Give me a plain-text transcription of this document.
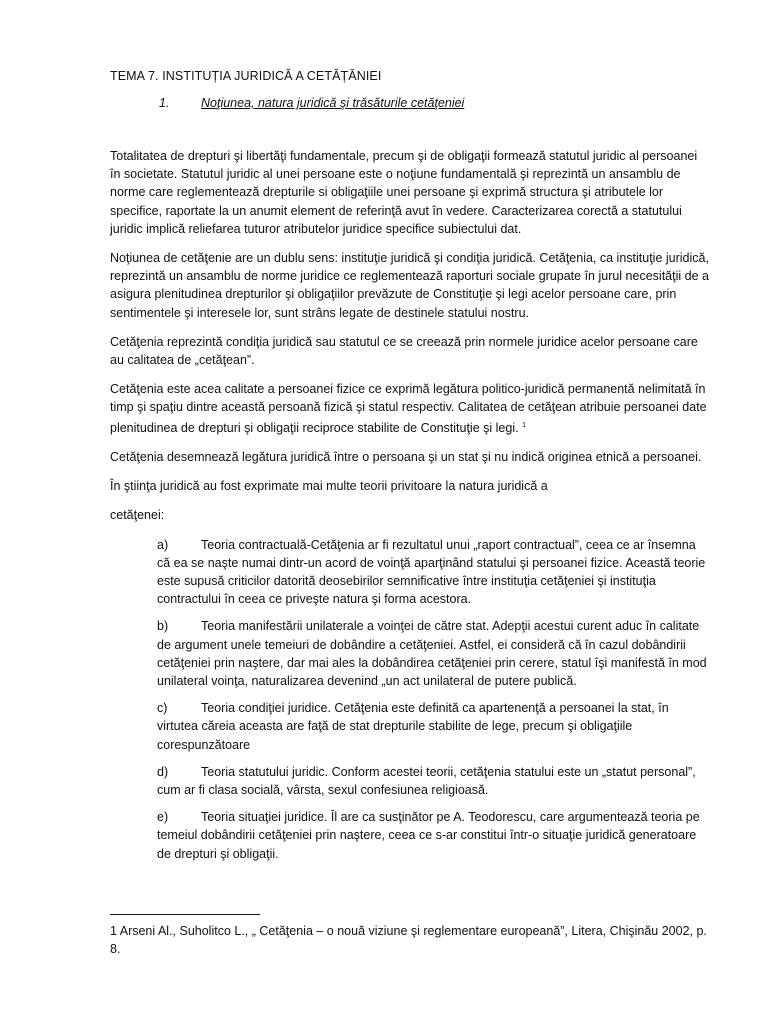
TEMA 7. INSTITUȚIA JURIDICĂ A CETĂȚĂNIEI
1.	Noţiunea, natura juridică şi trăsăturile cetăţeniei

Totalitatea de drepturi şi libertăţi fundamentale, precum şi de obligaţii formează statutul juridic al persoanei în societate. Statutul juridic al unei persoane este o noţiune fundamentală şi reprezintă un ansamblu de norme care reglementează drepturile si obligaţiile unei persoane şi exprimă structura şi atributele lor specifice, raportate la un anumit element de referinţă avut în vedere. Caracterizarea corectă a statutului juridic implică reliefarea tuturor atributelor juridice specifice subiectului dat.

Noţiunea de cetăţenie are un dublu sens: instituţie juridică şi condiţia juridică. Cetăţenia, ca instituţie juridică, reprezintă un ansamblu de norme juridice ce reglementează raporturi sociale grupate în jurul necesităţii de a asigura plenitudinea drepturilor şi obligaţiilor prevăzute de Constituţie şi legi acelor persoane care, prin sentimentele şi interesele lor, sunt strâns legate de destinele statului nostru.

Cetăţenia reprezintă condiţia juridică sau statutul ce se creează prin normele juridice acelor persoane care au calitatea de „cetăţean”.

Cetăţenia este acea calitate a persoanei fizice ce exprimă legătura politico-juridică permanentă nelimitată în timp şi spaţiu dintre această persoană fizică şi statul respectiv. Calitatea de cetăţean atribuie persoanei date plenitudinea de drepturi şi obligaţii reciproce stabilite de Constituţie şi legi. $^1$

Cetăţenia desemnează legătura juridică între o persoana şi un stat şi nu indică originea etnică a persoanei.

În ştiinţa juridică au fost exprimate mai multe teorii privitoare la natura juridică a

cetăţenei:

a)	Teoria contractuală-Cetăţenia ar fi rezultatul unui „raport contractual”, ceea ce ar însemna că ea se naşte numai dintr-un acord de voinţă aparţinând statului şi persoanei fizice. Această teorie este supusă criticilor datorită deosebirilor semnificative între instituţia cetăţeniei şi instituţia contractului în ceea ce priveşte natura şi forma acestora.

b)	Teoria manifestării unilaterale a voinţei de către stat. Adepţii acestui curent aduc în calitate de argument unele temeiuri de dobândire a cetăţeniei. Astfel, ei consideră că în cazul dobândirii cetăţeniei prin naştere, dar mai ales la dobândirea cetăţeniei prin cerere, statul îşi manifestă în mod unilateral voinţa, naturalizarea devenind „un act unilateral de putere publică.

c)	Teoria condiţiei juridice. Cetăţenia este definită ca apartenenţă a persoanei la stat, în virtutea căreia aceasta are faţă de stat drepturile stabilite de lege, precum şi obligaţiile corespunzătoare

d)	Teoria statutului juridic. Conform acestei teorii, cetăţenia statului este un „statut personal”, cum ar fi clasa socială, vârsta, sexul confesiunea religioasă.

e)	Teoria situaţiei juridice. Îl are ca susţinător pe A. Teodorescu, care argumentează teoria pe temeiul dobândirii cetăţeniei prin naştere, ceea ce s-ar constitui într-o situaţie juridică generatoare de drepturi şi obligaţii.

1 Arseni Al., Suholitco L., „ Cetăţenia – o nouă viziune şi reglementare europeană”, Litera, Chişinău 2002, p. 8.
